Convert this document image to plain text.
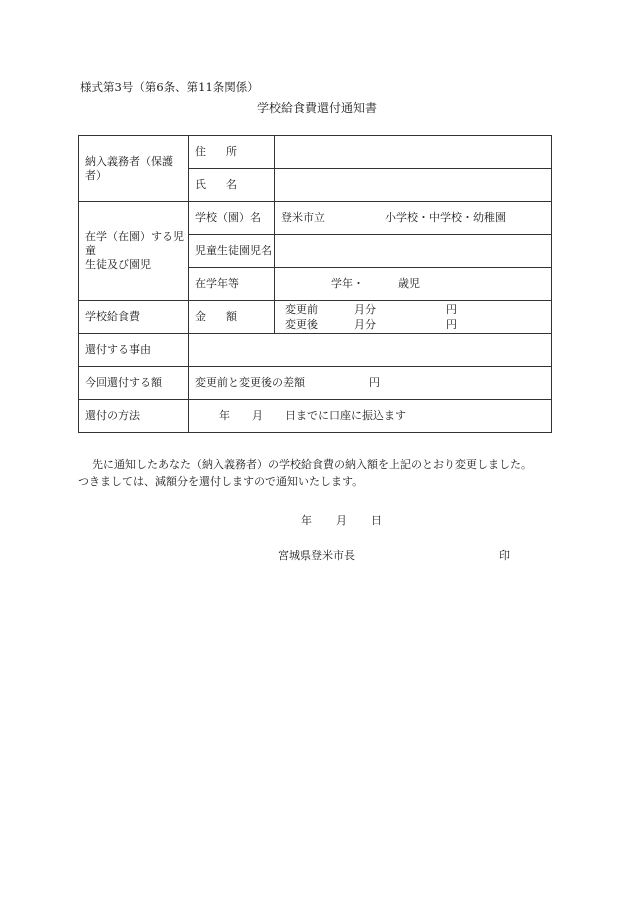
様式第3号（第6条、第11条関係）
学校給食費還付通知書
納入義務者（保護者）	住 所	
	氏 名	

在学（在園）する児童
生徒及び園児	学校（園）名	登米市立 小学校・中学校・幼稚園
	児童生徒園児名	
	在学年等	学年・ 歳児
学校給食費	金 額	変更前 月分 円
変更後 月分 円

還付する事由		
今回還付する額	変更前と変更後の差額 円	
還付の方法	年 月 日までに口座に振込ます	
先に通知したあなた（納入義務者）の学校給食費の納入額を上記のとおり変更しました。
つきましては、減額分を還付しますので通知いたします。
年 月 日
宮城県登米市長	印
